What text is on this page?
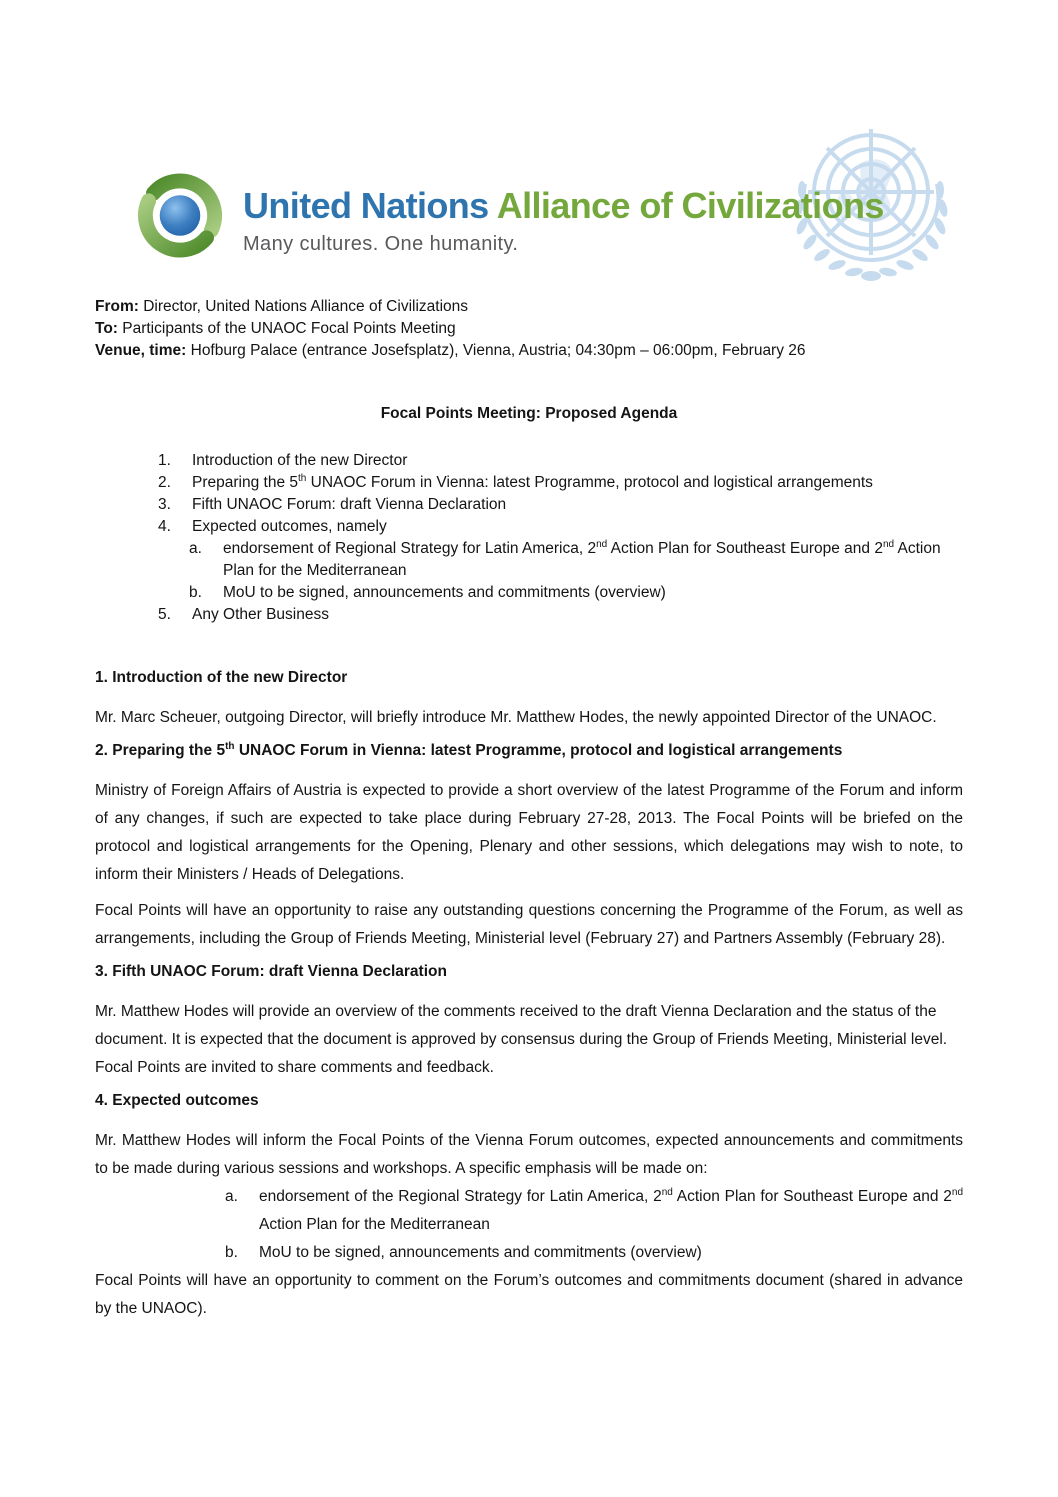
United Nations Alliance of Civilizations
Many cultures. One humanity.
From: Director, United Nations Alliance of Civilizations
To: Participants of the UNAOC Focal Points Meeting
Venue, time: Hofburg Palace (entrance Josefsplatz), Vienna, Austria; 04:30pm – 06:00pm, February 26
Focal Points Meeting: Proposed Agenda
1.	Introduction of the new Director
2.	Preparing the 5th UNAOC Forum in Vienna: latest Programme, protocol and logistical arrangements
3.	Fifth UNAOC Forum: draft Vienna Declaration
4.	Expected outcomes, namely
a.	endorsement of Regional Strategy for Latin America, 2nd Action Plan for Southeast Europe and 2nd Action Plan for the Mediterranean
b.	MoU to be signed, announcements and commitments (overview)
5.	Any Other Business
1. Introduction of the new Director

Mr. Marc Scheuer, outgoing Director, will briefly introduce Mr. Matthew Hodes, the newly appointed Director of the UNAOC.

2. Preparing the 5th UNAOC Forum in Vienna: latest Programme, protocol and logistical arrangements

Ministry of Foreign Affairs of Austria is expected to provide a short overview of the latest Programme of the Forum and inform of any changes, if such are expected to take place during February 27-28, 2013. The Focal Points will be briefed on the protocol and logistical arrangements for the Opening, Plenary and other sessions, which delegations may wish to note, to inform their Ministers / Heads of Delegations.

Focal Points will have an opportunity to raise any outstanding questions concerning the Programme of the Forum, as well as arrangements, including the Group of Friends Meeting, Ministerial level (February 27) and Partners Assembly (February 28).

3. Fifth UNAOC Forum: draft Vienna Declaration

Mr. Matthew Hodes will provide an overview of the comments received to the draft Vienna Declaration and the status of the document. It is expected that the document is approved by consensus during the Group of Friends Meeting, Ministerial level. Focal Points are invited to share comments and feedback.

4. Expected outcomes

Mr. Matthew Hodes will inform the Focal Points of the Vienna Forum outcomes, expected announcements and commitments to be made during various sessions and workshops. A specific emphasis will be made on:

a.	endorsement of the Regional Strategy for Latin America, 2nd Action Plan for Southeast Europe and 2nd Action Plan for the Mediterranean
b.	MoU to be signed, announcements and commitments (overview)

Focal Points will have an opportunity to comment on the Forum’s outcomes and commitments document (shared in advance by the UNAOC).
